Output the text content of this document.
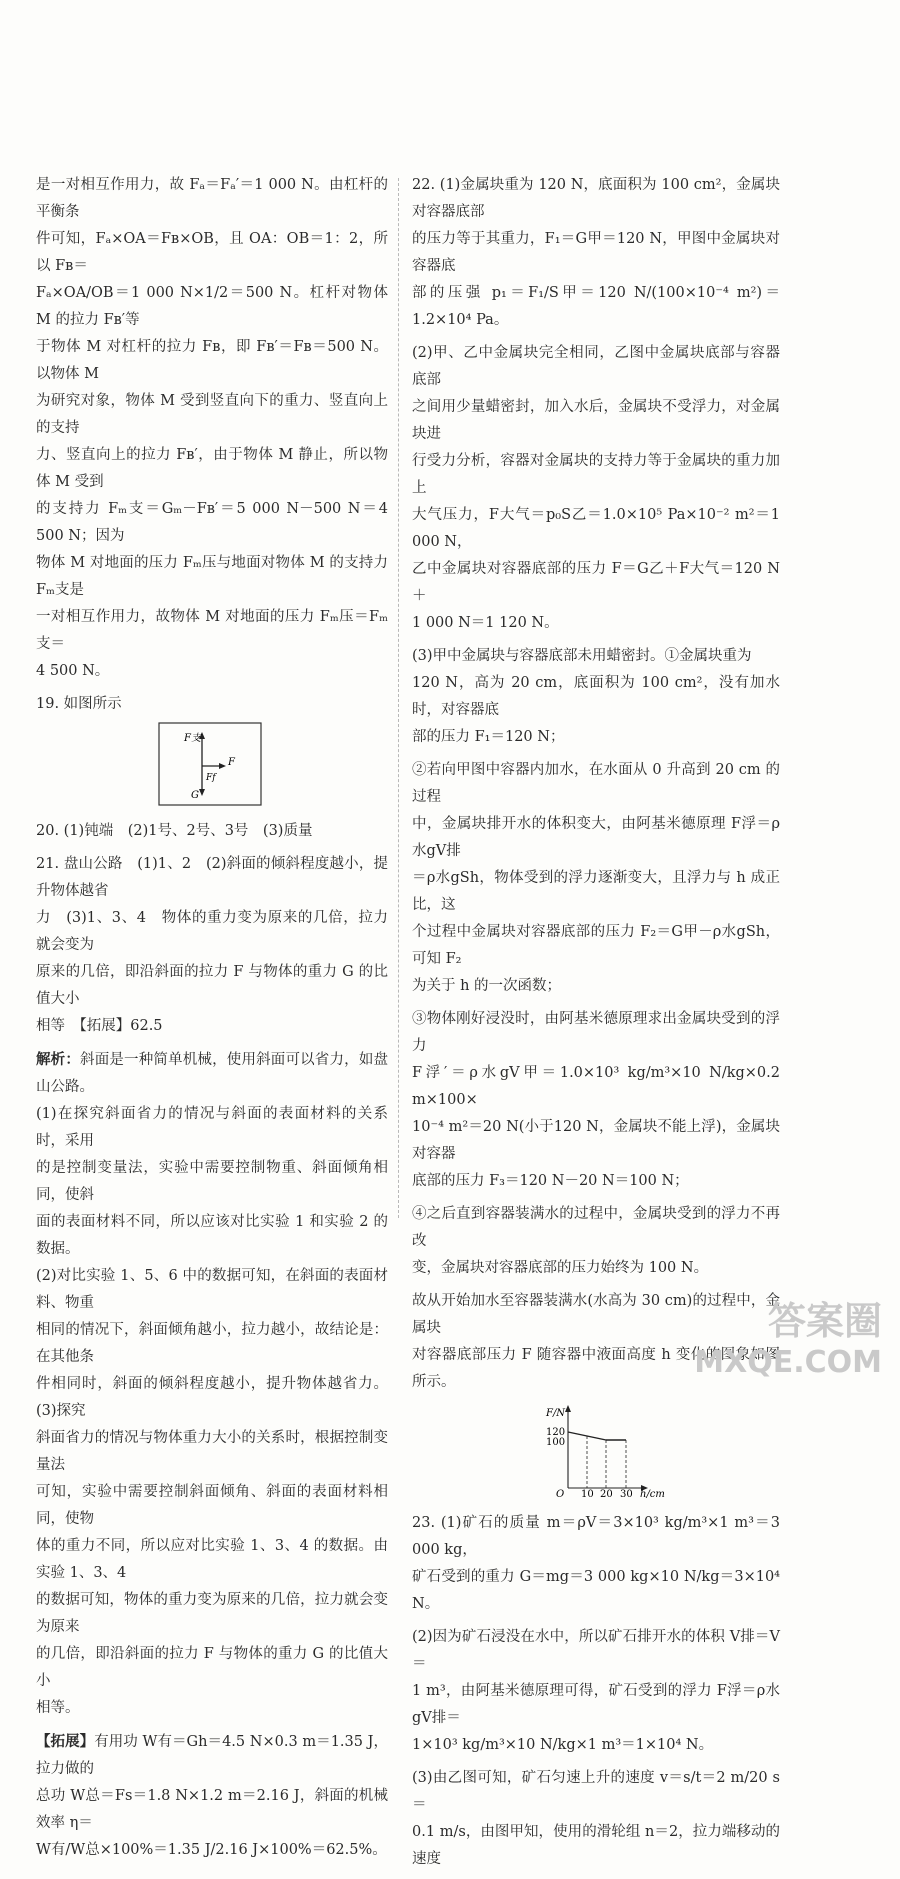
是一对相互作用力，故 Fₐ＝Fₐ′＝1 000 N。由杠杆的平衡条
件可知，Fₐ×OA＝Fʙ×OB，且 OA：OB＝1：2，所以 Fʙ＝
Fₐ×OA/OB＝1 000 N×1/2＝500 N。杠杆对物体 M 的拉力 Fʙ′等
于物体 M 对杠杆的拉力 Fʙ，即 Fʙ′＝Fʙ＝500 N。以物体 M
为研究对象，物体 M 受到竖直向下的重力、竖直向上的支持
力、竖直向上的拉力 Fʙ′，由于物体 M 静止，所以物体 M 受到
的支持力 Fₘ支＝Gₘ－Fʙ′＝5 000 N－500 N＝4 500 N；因为
物体 M 对地面的压力 Fₘ压与地面对物体 M 的支持力 Fₘ支是
一对相互作用力，故物体 M 对地面的压力 Fₘ压＝Fₘ支＝
4 500 N。
19. 如图所示
F支
F
Ff
G
20. (1)钝端　(2)1号、2号、3号　(3)质量
21. 盘山公路　(1)1、2　(2)斜面的倾斜程度越小，提升物体越省
力　(3)1、3、4　物体的重力变为原来的几倍，拉力就会变为
原来的几倍，即沿斜面的拉力 F 与物体的重力 G 的比值大小
相等　【拓展】62.5
解析：斜面是一种简单机械，使用斜面可以省力，如盘山公路。
(1)在探究斜面省力的情况与斜面的表面材料的关系时，采用
的是控制变量法，实验中需要控制物重、斜面倾角相同，使斜
面的表面材料不同，所以应该对比实验 1 和实验 2 的数据。
(2)对比实验 1、5、6 中的数据可知，在斜面的表面材料、物重
相同的情况下，斜面倾角越小，拉力越小，故结论是：在其他条
件相同时，斜面的倾斜程度越小，提升物体越省力。(3)探究
斜面省力的情况与物体重力大小的关系时，根据控制变量法
可知，实验中需要控制斜面倾角、斜面的表面材料相同，使物
体的重力不同，所以应对比实验 1、3、4 的数据。由实验 1、3、4
的数据可知，物体的重力变为原来的几倍，拉力就会变为原来
的几倍，即沿斜面的拉力 F 与物体的重力 G 的比值大小
相等。
【拓展】有用功 W有＝Gh＝4.5 N×0.3 m＝1.35 J，拉力做的
总功 W总＝Fs＝1.8 N×1.2 m＝2.16 J，斜面的机械效率 η＝
W有/W总×100%＝1.35 J/2.16 J×100%＝62.5%。
22. (1)金属块重为 120 N，底面积为 100 cm²，金属块对容器底部
的压力等于其重力，F₁＝G甲＝120 N，甲图中金属块对容器底
部的压强 p₁＝F₁/S甲＝120 N/(100×10⁻⁴ m²)＝1.2×10⁴ Pa。
(2)甲、乙中金属块完全相同，乙图中金属块底部与容器底部
之间用少量蜡密封，加入水后，金属块不受浮力，对金属块进
行受力分析，容器对金属块的支持力等于金属块的重力加上
大气压力，F大气＝p₀S乙＝1.0×10⁵ Pa×10⁻² m²＝1 000 N，
乙中金属块对容器底部的压力 F＝G乙＋F大气＝120 N＋
1 000 N＝1 120 N。
(3)甲中金属块与容器底部未用蜡密封。①金属块重为
120 N，高为 20 cm，底面积为 100 cm²，没有加水时，对容器底
部的压力 F₁＝120 N；
②若向甲图中容器内加水，在水面从 0 升高到 20 cm 的过程
中，金属块排开水的体积变大，由阿基米德原理 F浮＝ρ水gV排
＝ρ水gSh，物体受到的浮力逐渐变大，且浮力与 h 成正比，这
个过程中金属块对容器底部的压力 F₂＝G甲－ρ水gSh，可知 F₂
为关于 h 的一次函数；
③物体刚好浸没时，由阿基米德原理求出金属块受到的浮力
F浮′＝ρ水gV甲＝1.0×10³ kg/m³×10 N/kg×0.2 m×100×
10⁻⁴ m²＝20 N(小于120 N，金属块不能上浮)，金属块对容器
底部的压力 F₃＝120 N－20 N＝100 N；
④之后直到容器装满水的过程中，金属块受到的浮力不再改
变，金属块对容器底部的压力始终为 100 N。
故从开始加水至容器装满水(水高为 30 cm)的过程中，金属块
对容器底部压力 F 随容器中液面高度 h 变化的图象如图所示。
F/N
120
100
O 10 20 30 h/cm
23. (1)矿石的质量 m＝ρV＝3×10³ kg/m³×1 m³＝3 000 kg，
矿石受到的重力 G＝mg＝3 000 kg×10 N/kg＝3×10⁴ N。
(2)因为矿石浸没在水中，所以矿石排开水的体积 V排＝V＝
1 m³，由阿基米德原理可得，矿石受到的浮力 F浮＝ρ水gV排＝
1×10³ kg/m³×10 N/kg×1 m³＝1×10⁴ N。
(3)由乙图可知，矿石匀速上升的速度 v＝s/t＝2 m/20 s＝
0.1 m/s，由图甲知，使用的滑轮组 n＝2，拉力端移动的速度
答案圈
MXQE.COM
